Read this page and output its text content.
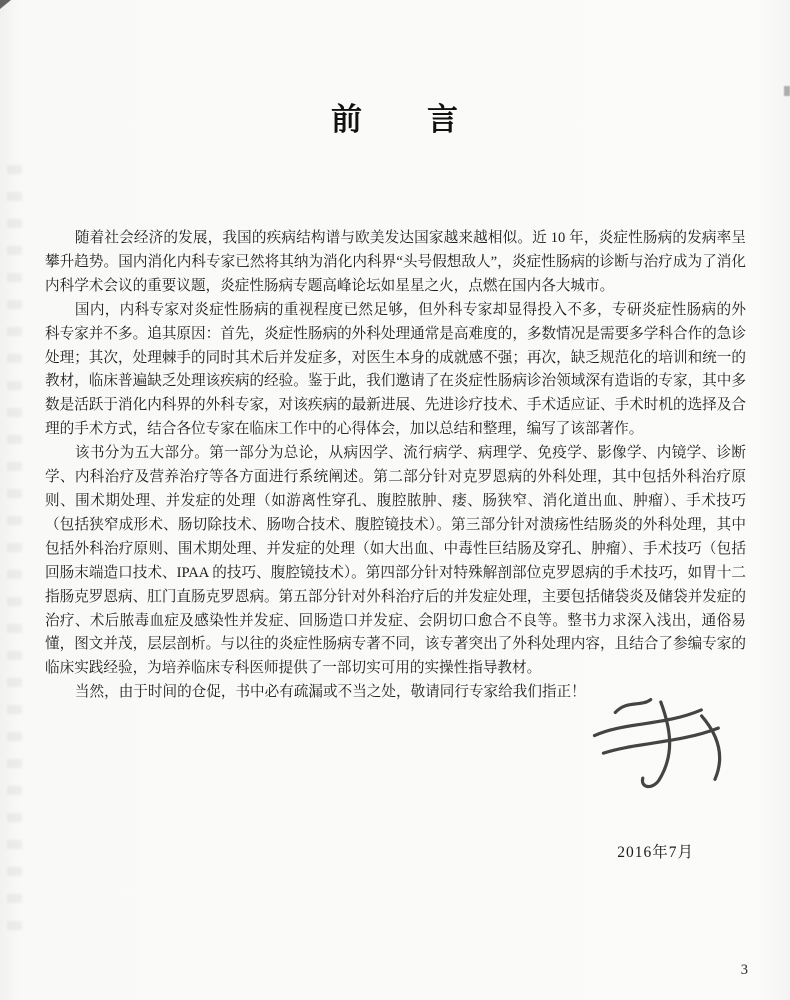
前　　言

随着社会经济的发展，我国的疾病结构谱与欧美发达国家越来越相似。近 10 年，炎症性肠病的发病率呈攀升趋势。国内消化内科专家已然将其纳为消化内科界“头号假想敌人”，炎症性肠病的诊断与治疗成为了消化内科学术会议的重要议题，炎症性肠病专题高峰论坛如星星之火，点燃在国内各大城市。

国内，内科专家对炎症性肠病的重视程度已然足够，但外科专家却显得投入不多，专研炎症性肠病的外科专家并不多。追其原因：首先，炎症性肠病的外科处理通常是高难度的，多数情况是需要多学科合作的急诊处理；其次，处理棘手的同时其术后并发症多，对医生本身的成就感不强；再次，缺乏规范化的培训和统一的教材，临床普遍缺乏处理该疾病的经验。鉴于此，我们邀请了在炎症性肠病诊治领域深有造诣的专家，其中多数是活跃于消化内科界的外科专家，对该疾病的最新进展、先进诊疗技术、手术适应证、手术时机的选择及合理的手术方式，结合各位专家在临床工作中的心得体会，加以总结和整理，编写了该部著作。

该书分为五大部分。第一部分为总论，从病因学、流行病学、病理学、免疫学、影像学、内镜学、诊断学、内科治疗及营养治疗等各方面进行系统阐述。第二部分针对克罗恩病的外科处理，其中包括外科治疗原则、围术期处理、并发症的处理（如游离性穿孔、腹腔脓肿、瘘、肠狭窄、消化道出血、肿瘤）、手术技巧（包括狭窄成形术、肠切除技术、肠吻合技术、腹腔镜技术）。第三部分针对溃疡性结肠炎的外科处理，其中包括外科治疗原则、围术期处理、并发症的处理（如大出血、中毒性巨结肠及穿孔、肿瘤）、手术技巧（包括回肠末端造口技术、IPAA 的技巧、腹腔镜技术）。第四部分针对特殊解剖部位克罗恩病的手术技巧，如胃十二指肠克罗恩病、肛门直肠克罗恩病。第五部分针对外科治疗后的并发症处理，主要包括储袋炎及储袋并发症的治疗、术后脓毒血症及感染性并发症、回肠造口并发症、会阴切口愈合不良等。整书力求深入浅出，通俗易懂，图文并茂，层层剖析。与以往的炎症性肠病专著不同，该专著突出了外科处理内容，且结合了参编专家的临床实践经验，为培养临床专科医师提供了一部切实可用的实操性指导教材。

当然，由于时间的仓促，书中必有疏漏或不当之处，敬请同行专家给我们指正！

2016年7月
3
